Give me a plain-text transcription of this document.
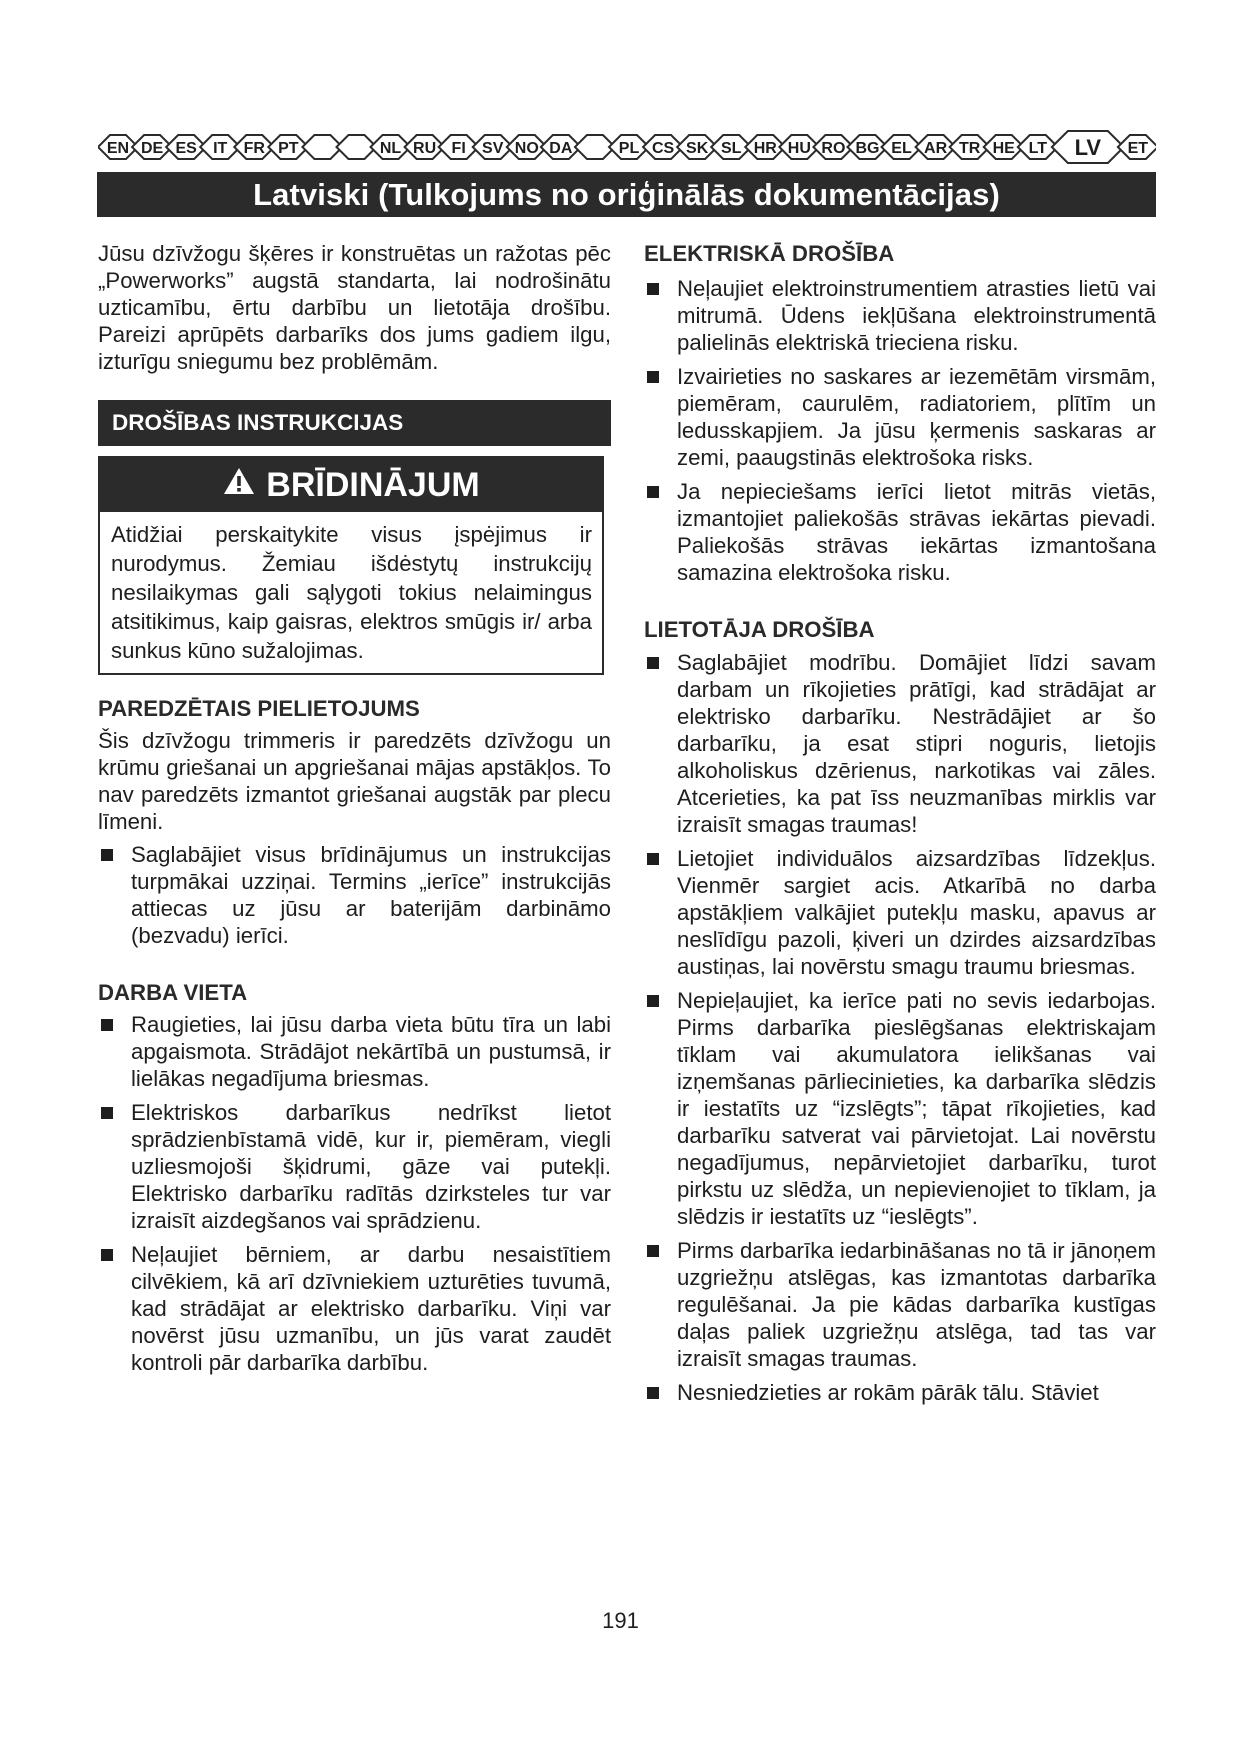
EN DE ES IT FR PT	NL RU FI SV NO DA	PL CS SK SL HR HU RO BG EL AR TR HE LT LV ET
Latviski (Tulkojums no oriģinālās dokumentācijas)

Jūsu dzīvžogu šķēres ir konstruētas un ražotas pēc „Powerworks” augstā standarta, lai nodrošinātu uzticamību, ērtu darbību un lietotāja drošību. Pareizi aprūpēts darbarīks dos jums gadiem ilgu, izturīgu sniegumu bez problēmām.

DROŠĪBAS INSTRUKCIJAS
BRĪDINĀJUM
Atidžiai perskaitykite visus įspėjimus ir nurodymus. Žemiau išdėstytų instrukcijų nesilaikymas gali sąlygoti tokius nelaimingus atsitikimus, kaip gaisras, elektros smūgis ir/ arba sunkus kūno sužalojimas.

PAREDZĒTAIS PIELIETOJUMS

Šis dzīvžogu trimmeris ir paredzēts dzīvžogu un krūmu griešanai un apgriešanai mājas apstākļos. To nav paredzēts izmantot griešanai augstāk par plecu līmeni.

Saglabājiet visus brīdinājumus un instrukcijas turpmākai uzziņai. Termins „ierīce” instrukcijās attiecas uz jūsu ar baterijām darbināmo (bezvadu) ierīci.

DARBA VIETA

Raugieties, lai jūsu darba vieta būtu tīra un labi apgaismota. Strādājot nekārtībā un pustumsā, ir lielākas negadījuma briesmas.
Elektriskos darbarīkus nedrīkst lietot sprādzienbīstamā vidē, kur ir, piemēram, viegli uzliesmojoši šķidrumi, gāze vai putekļi. Elektrisko darbarīku radītās dzirksteles tur var izraisīt aizdegšanos vai sprādzienu.
Neļaujiet bērniem, ar darbu nesaistītiem cilvēkiem, kā arī dzīvniekiem uzturēties tuvumā, kad strādājat ar elektrisko darbarīku. Viņi var novērst jūsu uzmanību, un jūs varat zaudēt kontroli pār darbarīka darbību.

ELEKTRISKĀ DROŠĪBA

Neļaujiet elektroinstrumentiem atrasties lietū vai mitrumā. Ūdens iekļūšana elektroinstrumentā palielinās elektriskā trieciena risku.
Izvairieties no saskares ar iezemētām virsmām, piemēram, caurulēm, radiatoriem, plītīm un ledusskapjiem. Ja jūsu ķermenis saskaras ar zemi, paaugstinās elektrošoka risks.
Ja nepieciešams ierīci lietot mitrās vietās, izmantojiet paliekošās strāvas iekārtas pievadi. Paliekošās strāvas iekārtas izmantošana samazina elektrošoka risku.

LIETOTĀJA DROŠĪBA

Saglabājiet modrību. Domājiet līdzi savam darbam un rīkojieties prātīgi, kad strādājat ar elektrisko darbarīku. Nestrādājiet ar šo darbarīku, ja esat stipri noguris, lietojis alkoholiskus dzērienus, narkotikas vai zāles. Atcerieties, ka pat īss neuzmanības mirklis var izraisīt smagas traumas!
Lietojiet individuālos aizsardzības līdzekļus. Vienmēr sargiet acis. Atkarībā no darba apstākļiem valkājiet putekļu masku, apavus ar neslīdīgu pazoli, ķiveri un dzirdes aizsardzības austiņas, lai novērstu smagu traumu briesmas.
Nepieļaujiet, ka ierīce pati no sevis iedarbojas. Pirms darbarīka pieslēgšanas elektriskajam tīklam vai akumulatora ielikšanas vai izņemšanas pārliecinieties, ka darbarīka slēdzis ir iestatīts uz “izslēgts”; tāpat rīkojieties, kad darbarīku satverat vai pārvietojat. Lai novērstu negadījumus, nepārvietojiet darbarīku, turot pirkstu uz slēdža, un nepievienojiet to tīklam, ja slēdzis ir iestatīts uz “ieslēgts”.
Pirms darbarīka iedarbināšanas no tā ir jānoņem uzgriežņu atslēgas, kas izmantotas darbarīka regulēšanai. Ja pie kādas darbarīka kustīgas daļas paliek uzgriežņu atslēga, tad tas var izraisīt smagas traumas.
Nesniedzieties ar rokām pārāk tālu. Stāviet
191
